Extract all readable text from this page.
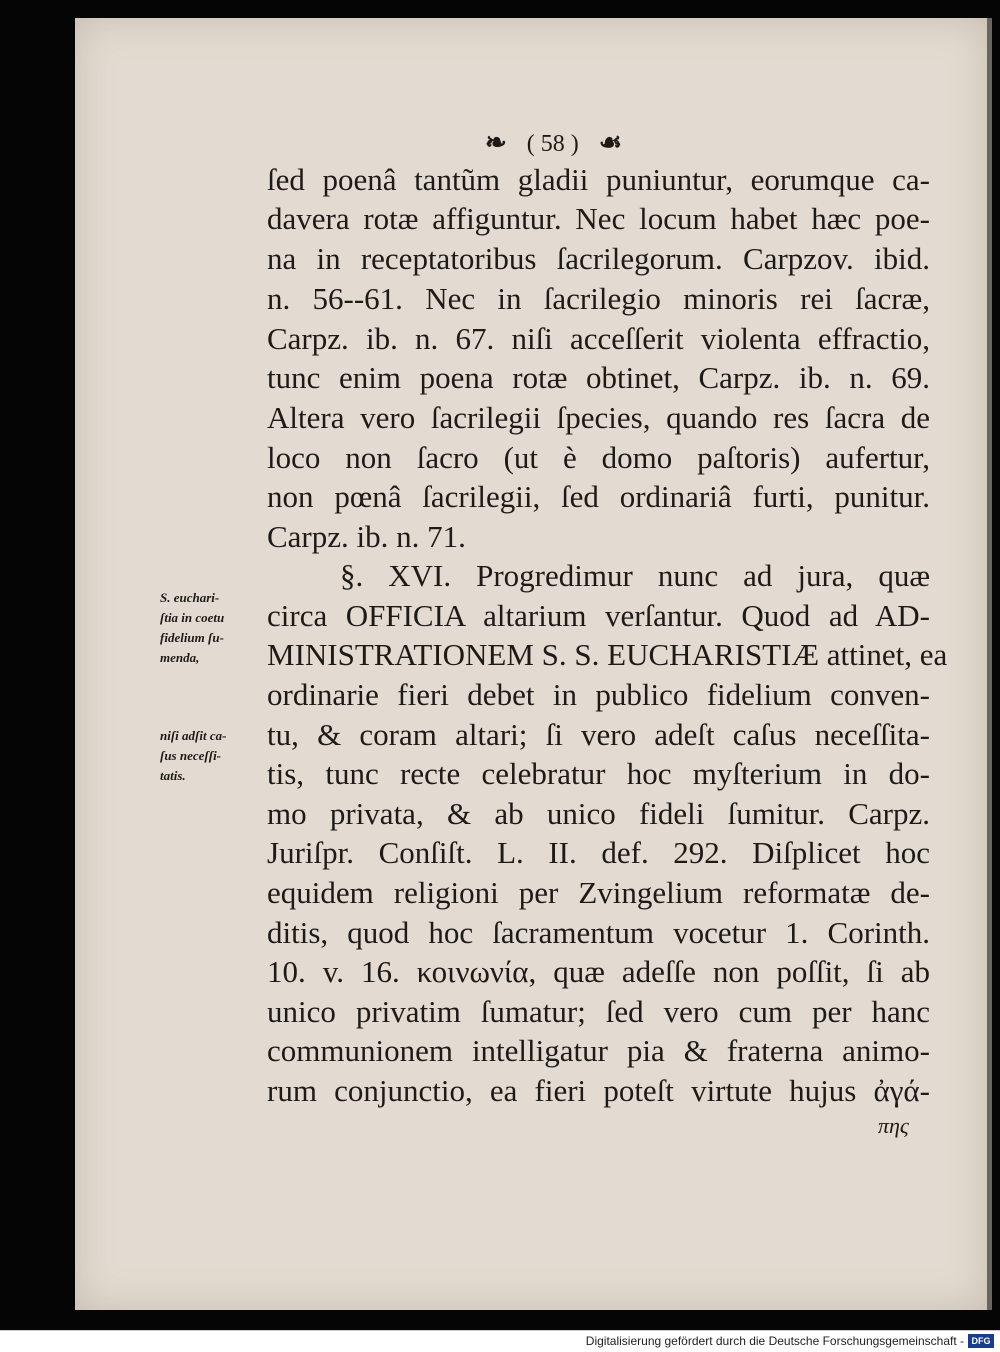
❧ ( 58 ) ☙
ſed poenâ tantũm gladii puniuntur, eorumque ca-
davera rotæ affiguntur. Nec locum habet hæc poe-
na in receptatoribus ſacrilegorum. Carpzov. ibid.
n. 56--61. Nec in ſacrilegio minoris rei ſacræ,
Carpz. ib. n. 67. niſi acceſſerit violenta effractio,
tunc enim poena rotæ obtinet, Carpz. ib. n. 69.
Altera vero ſacrilegii ſpecies, quando res ſacra de
loco non ſacro (ut è domo paſtoris) aufertur,
non pœnâ ſacrilegii, ſed ordinariâ furti, punitur.
Carpz. ib. n. 71.
§. XVI. Progredimur nunc ad jura, quæ
circa OFFICIA altarium verſantur. Quod ad AD-
MINISTRATIONEM S. S. EUCHARISTIÆ attinet, ea
ordinarie fieri debet in publico fidelium conven-
tu, & coram altari; ſi vero adeſt caſus neceſſita-
tis, tunc recte celebratur hoc myſterium in do-
mo privata, & ab unico fideli ſumitur. Carpz.
Juriſpr. Conſiſt. L. II. def. 292. Diſplicet hoc
equidem religioni per Zvingelium reformatæ de-
ditis, quod hoc ſacramentum vocetur 1. Corinth.
10. v. 16. κοινωνία, quæ adeſſe non poſſit, ſi ab
unico privatim ſumatur; ſed vero cum per hanc
communionem intelligatur pia & fraterna animo-
rum conjunctio, ea fieri poteſt virtute hujus ἀγά-
πης
S. euchari-
ſtia in coetu
fidelium ſu-
menda,
niſi adſit ca-
ſus neceſſi-
tatis.
Digitalisierung gefördert durch die Deutsche Forschungsgemeinschaft - DFG
